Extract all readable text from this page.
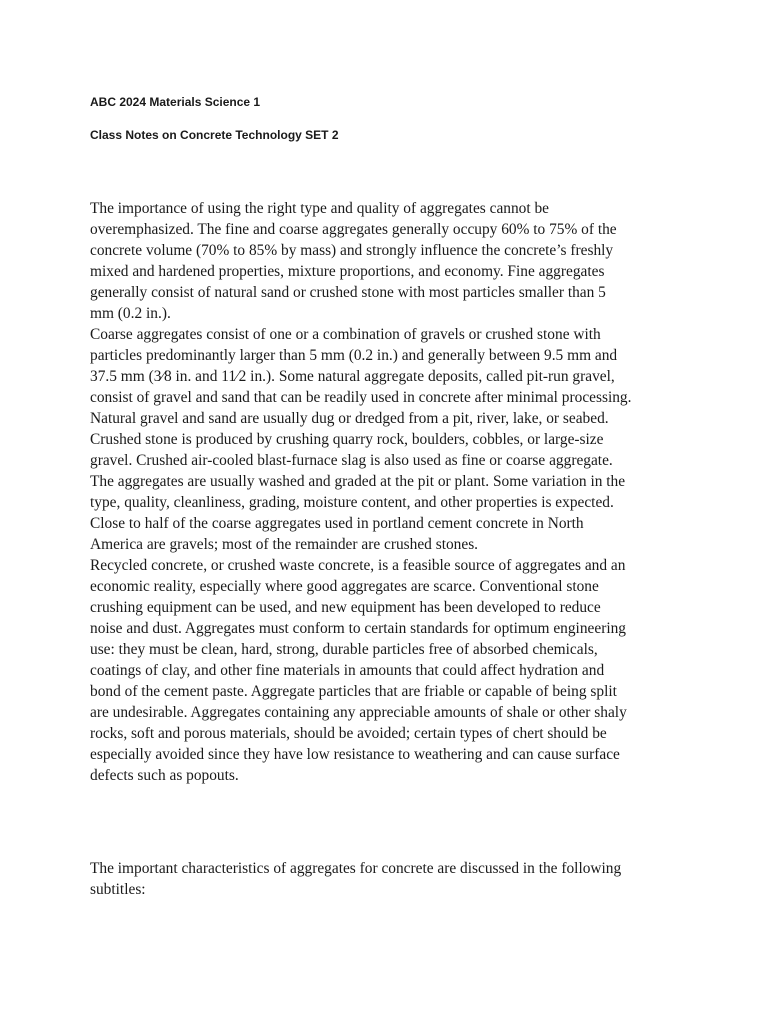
ABC 2024 Materials Science 1
Class Notes on Concrete Technology SET 2
The importance of using the right type and quality of aggregates cannot be
overemphasized. The fine and coarse aggregates generally occupy 60% to 75% of the
concrete volume (70% to 85% by mass) and strongly influence the concrete’s freshly
mixed and hardened properties, mixture proportions, and economy. Fine aggregates
generally consist of natural sand or crushed stone with most particles smaller than 5
mm (0.2 in.).
Coarse aggregates consist of one or a combination of gravels or crushed stone with
particles predominantly larger than 5 mm (0.2 in.) and generally between 9.5 mm and
37.5 mm (3⁄8 in. and 11⁄2 in.). Some natural aggregate deposits, called pit-run gravel,
consist of gravel and sand that can be readily used in concrete after minimal processing.
Natural gravel and sand are usually dug or dredged from a pit, river, lake, or seabed.
Crushed stone is produced by crushing quarry rock, boulders, cobbles, or large-size
gravel. Crushed air-cooled blast-furnace slag is also used as fine or coarse aggregate.
The aggregates are usually washed and graded at the pit or plant. Some variation in the
type, quality, cleanliness, grading, moisture content, and other properties is expected.
Close to half of the coarse aggregates used in portland cement concrete in North
America are gravels; most of the remainder are crushed stones.
Recycled concrete, or crushed waste concrete, is a feasible source of aggregates and an
economic reality, especially where good aggregates are scarce. Conventional stone
crushing equipment can be used, and new equipment has been developed to reduce
noise and dust. Aggregates must conform to certain standards for optimum engineering
use: they must be clean, hard, strong, durable particles free of absorbed chemicals,
coatings of clay, and other fine materials in amounts that could affect hydration and
bond of the cement paste. Aggregate particles that are friable or capable of being split
are undesirable. Aggregates containing any appreciable amounts of shale or other shaly
rocks, soft and porous materials, should be avoided; certain types of chert should be
especially avoided since they have low resistance to weathering and can cause surface
defects such as popouts.
The important characteristics of aggregates for concrete are discussed in the following
subtitles:
